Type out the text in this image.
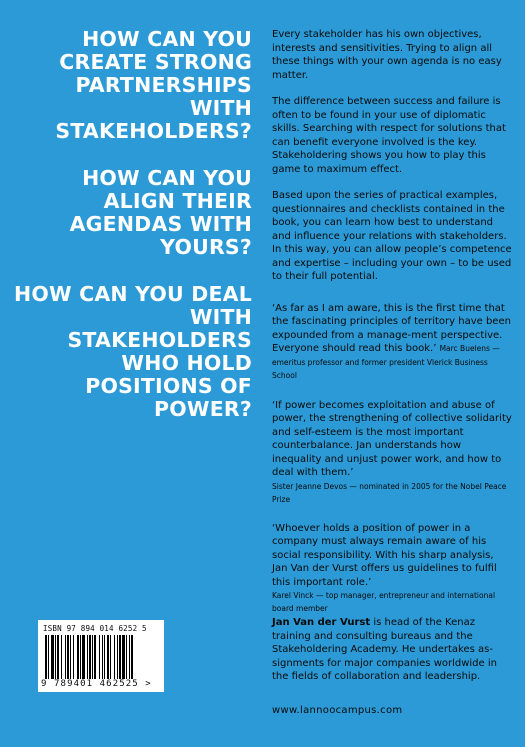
HOW CAN YOU CREATE STRONG PARTNERSHIPS WITH STAKEHOLDERS?
HOW CAN YOU ALIGN THEIR AGENDAS WITH YOURS?
HOW CAN YOU DEAL WITH STAKEHOLDERS WHO HOLD POSITIONS OF POWER?

Every stakeholder has his own objectives, interests and sensitivities. Trying to align all these things with your own agenda is no easy matter.

The difference between success and failure is often to be found in your use of diplomatic skills. Searching with respect for solutions that can benefit everyone involved is the key. Stakeholdering shows you how to play this game to maximum effect.

Based upon the series of practical examples, questionnaires and checklists contained in the book, you can learn how best to understand and influence your relations with stakeholders. In this way, you can allow people’s competence and expertise – including your own – to be used to their full potential.

‘As far as I am aware, this is the first time that the fascinating principles of territory have been expounded from a manage-ment perspective. Everyone should read this book.’ Marc Buelens — emeritus professor and former president Vlerick Business School
‘If power becomes exploitation and abuse of power, the strengthening of collective solidarity and self-esteem is the most important counterbalance. Jan understands how inequality and unjust power work, and how to deal with them.’
Sister Jeanne Devos — nominated in 2005 for the Nobel Peace Prize
‘Whoever holds a position of power in a company must always remain aware of his social responsibility. With his sharp analysis, Jan Van der Vurst offers us guidelines to fulfil this important role.’
Karel Vinck — top manager, entrepreneur and international board member

Jan Van der Vurst is head of the Kenaz training and consulting bureaus and the Stakeholdering Academy. He undertakes as-signments for major companies worldwide in the fields of collaboration and leadership.

www.lannoocampus.com
ISBN 97 894 014 6252 5
9 789401 462525 >
